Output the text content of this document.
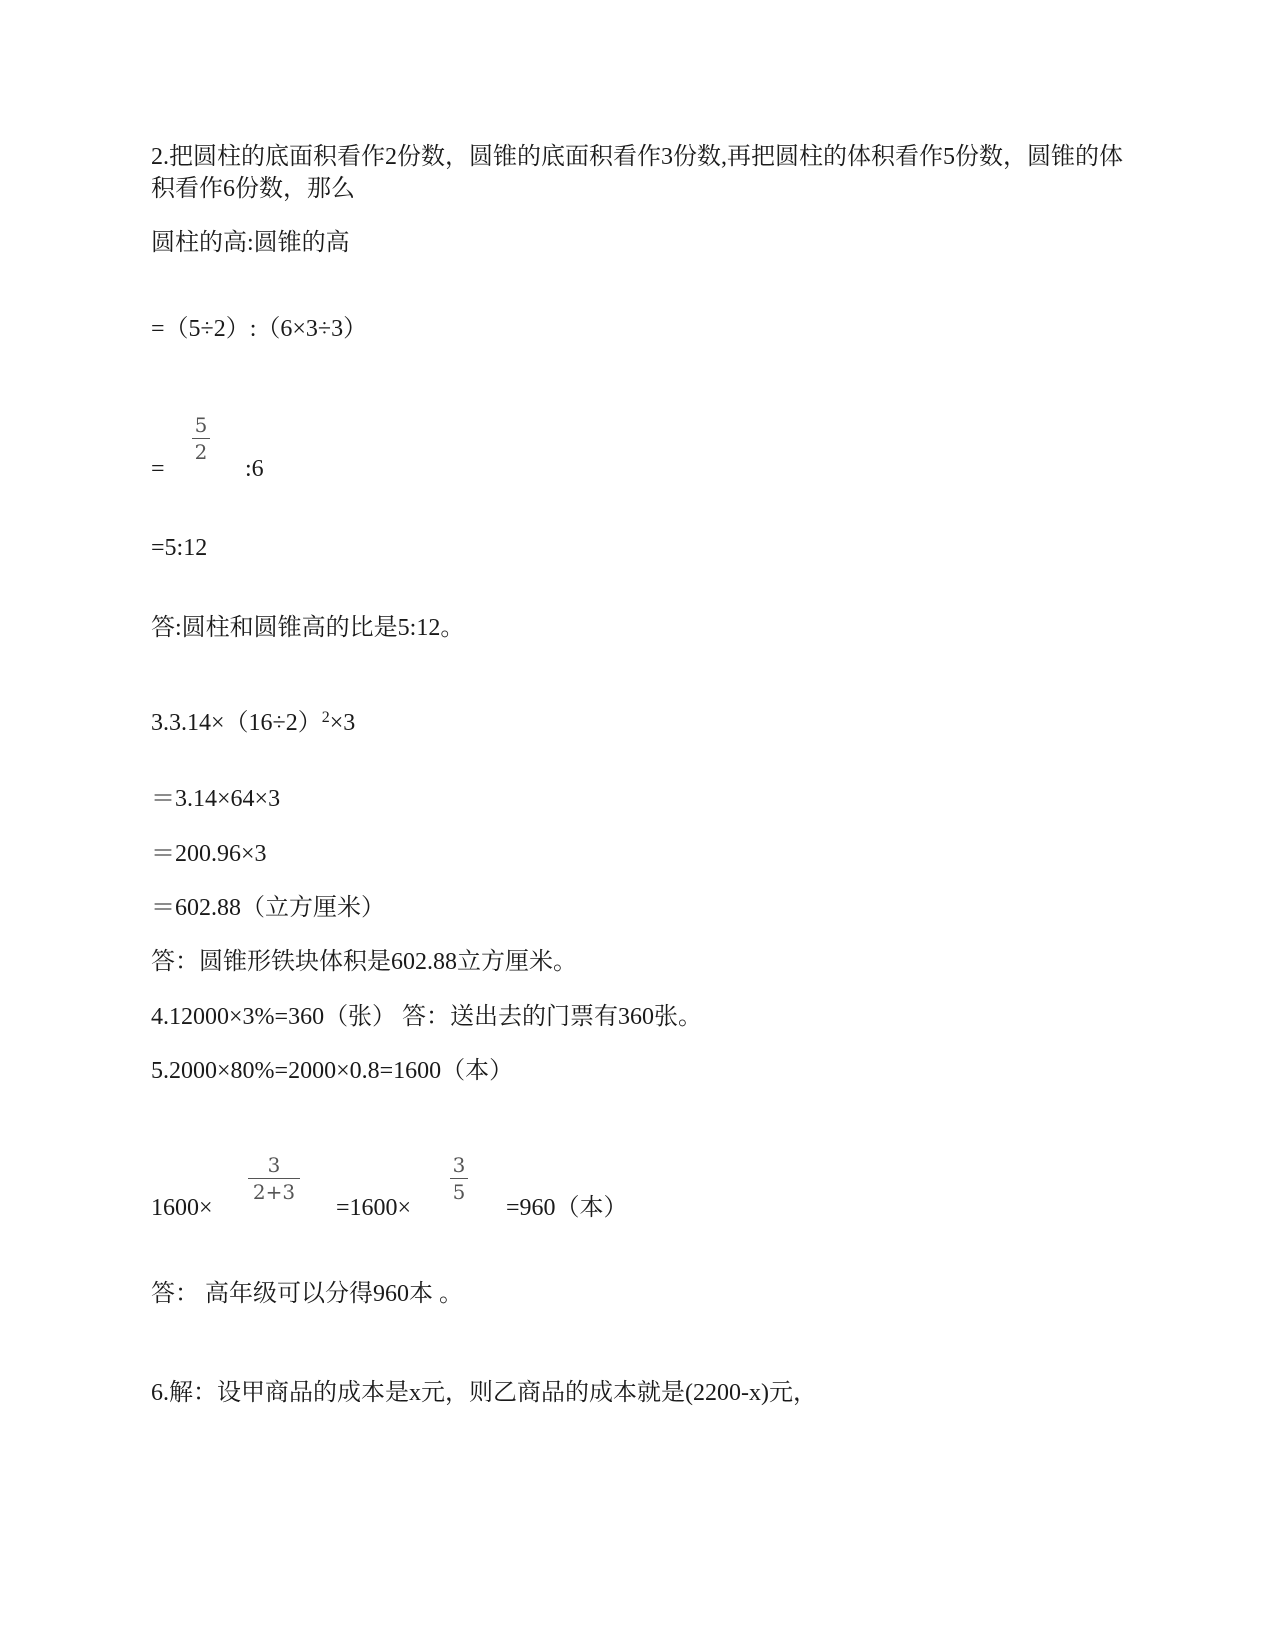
2.把圆柱的底面积看作2份数，圆锥的底面积看作3份数,再把圆柱的体积看作5份数，圆锥的体积看作6份数，那么
圆柱的高:圆锥的高
=（5÷2）:（6×3÷3）
=
5
2
:6
=5:12
答:圆柱和圆锥高的比是5:12。
$3.3.14\times(16\div 2)^2\times 3$
＝3.14×64×3
＝200.96×3
＝602.88（立方厘米）
答：圆锥形铁块体积是602.88立方厘米。
4.12000×3%=360（张） 答：送出去的门票有360张。
5.2000×80%=2000×0.8=1600（本）
1600×
3
2+3
=1600×
3
5
=960（本）
答： 高年级可以分得960本 。
6.解：设甲商品的成本是x元，则乙商品的成本就是(2200-x)元，
